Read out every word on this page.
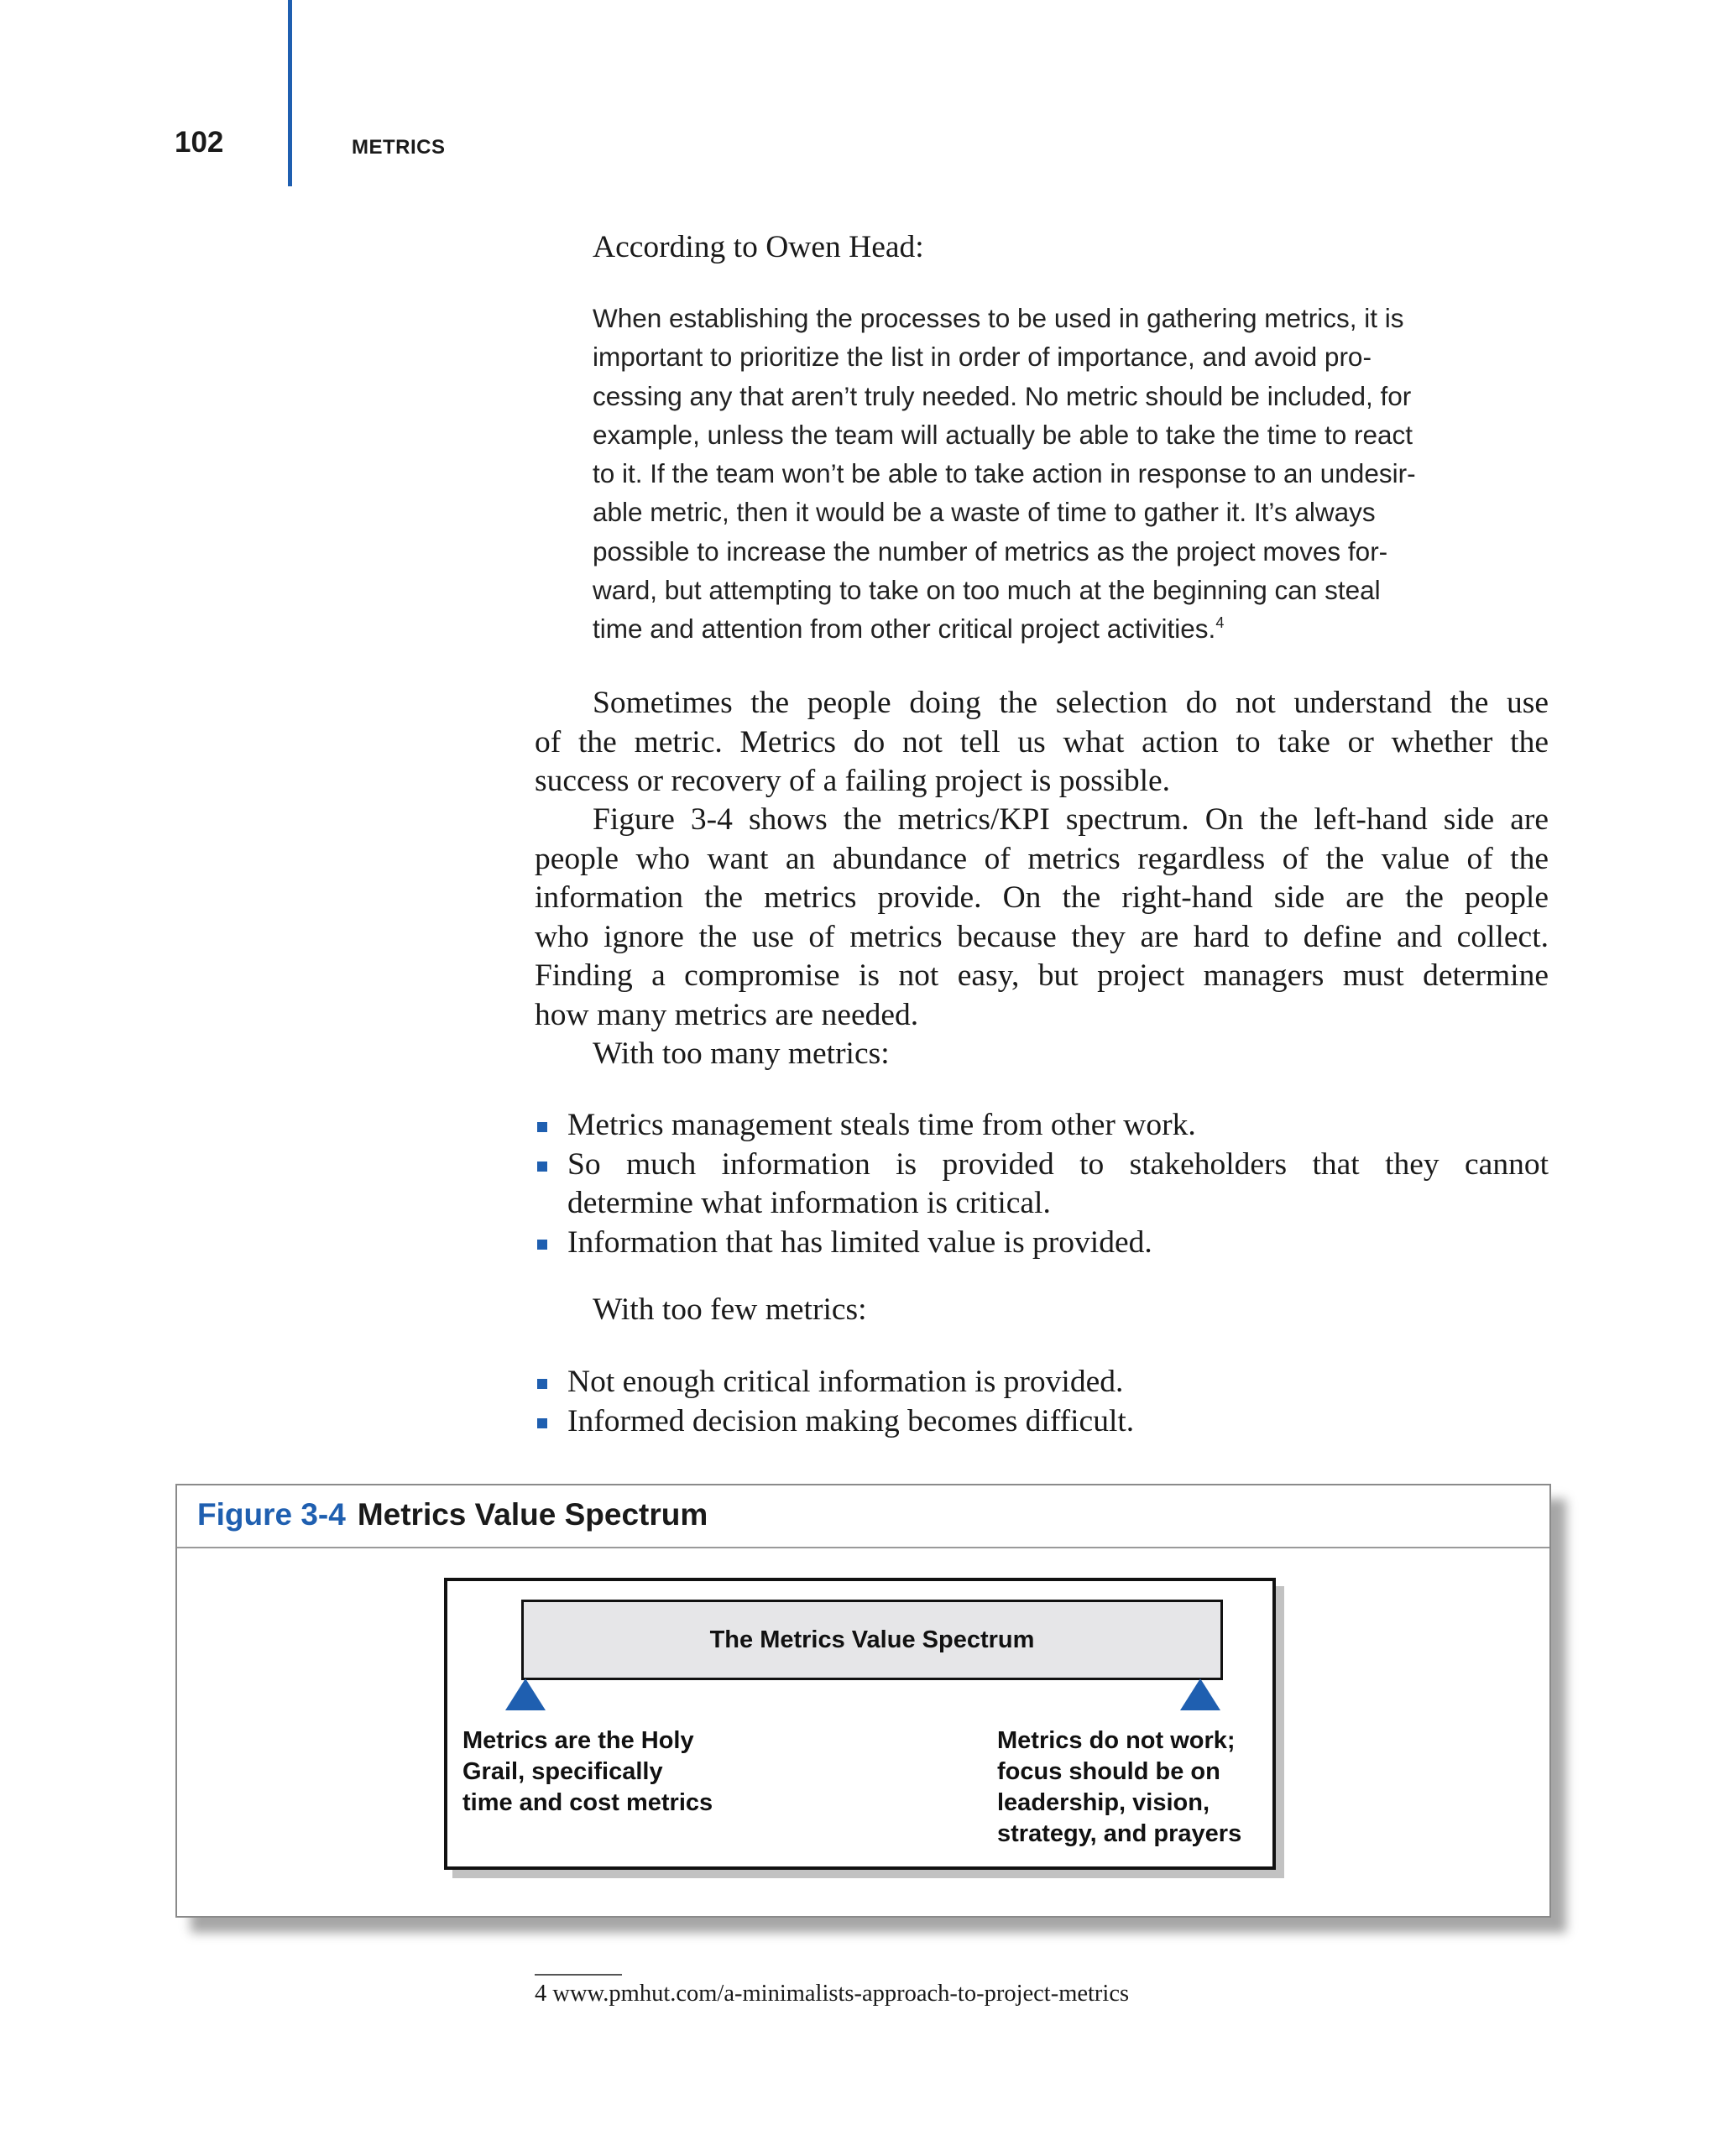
102	METRICS
According to Owen Head:
When establishing the processes to be used in gathering metrics, it is
important to prioritize the list in order of importance, and avoid pro-
cessing any that aren’t truly needed. No metric should be included, for
example, unless the team will actually be able to take the time to react
to it. If the team won’t be able to take action in response to an undesir-
able metric, then it would be a waste of time to gather it. It’s always
possible to increase the number of metrics as the project moves for-
ward, but attempting to take on too much at the beginning can steal
time and attention from other critical project activities.$^4$
Sometimes the people doing the selection do not understand the use
of the metric. Metrics do not tell us what action to take or whether the
success or recovery of a failing project is possible.
Figure 3-4 shows the metrics/KPI spectrum. On the left-hand side are
people who want an abundance of metrics regardless of the value of the
information the metrics provide. On the right-hand side are the people
who ignore the use of metrics because they are hard to define and collect.
Finding a compromise is not easy, but project managers must determine
how many metrics are needed.
With too many metrics:
Metrics management steals time from other work.
So much information is provided to stakeholders that they cannot
determine what information is critical.
Information that has limited value is provided.
With too few metrics:
Not enough critical information is provided.
Informed decision making becomes difficult.
Figure 3-4 Metrics Value Spectrum
The Metrics Value Spectrum
Metrics are the Holy
Grail, specifically
time and cost metrics
Metrics do not work;
focus should be on
leadership, vision,
strategy, and prayers
4 www.pmhut.com/a-minimalists-approach-to-project-metrics
